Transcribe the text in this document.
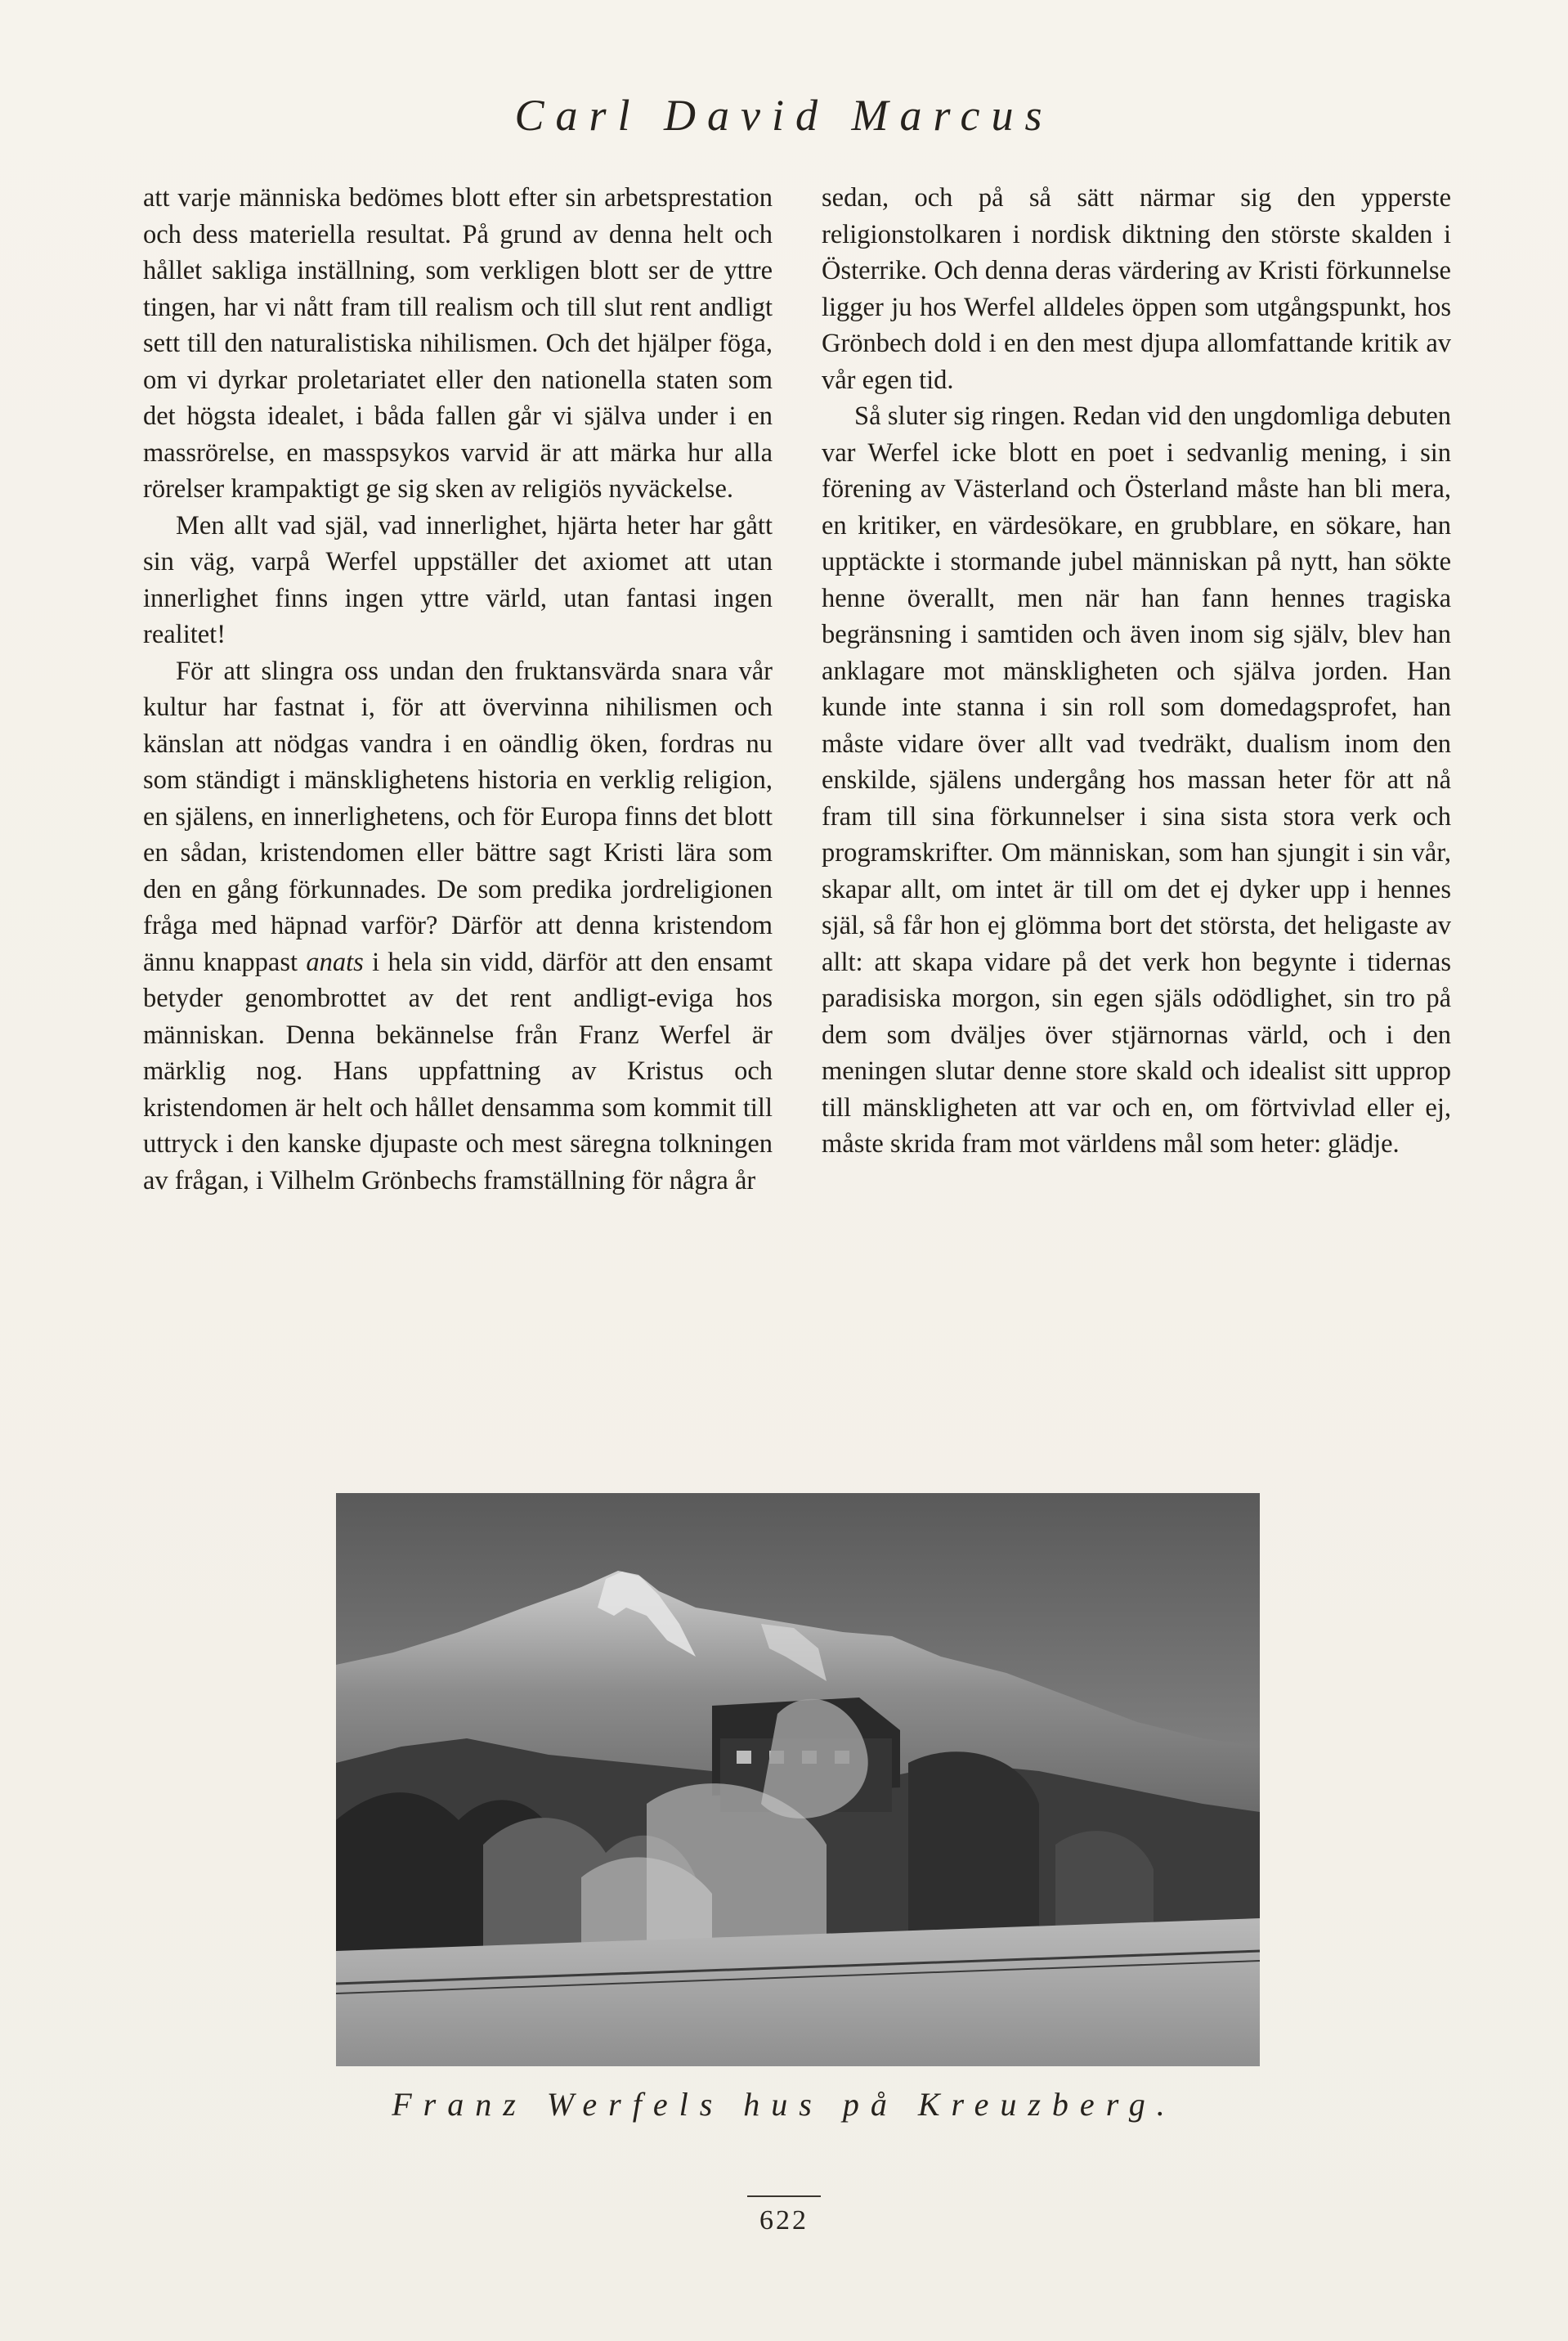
Carl David Marcus

att varje människa bedömes blott efter sin arbetsprestation och dess materiella resultat. På grund av denna helt och hållet sakliga inställning, som verkligen blott ser de yttre tingen, har vi nått fram till realism och till slut rent andligt sett till den naturalistiska nihilismen. Och det hjälper föga, om vi dyrkar proletariatet eller den nationella staten som det högsta idealet, i båda fallen går vi själva under i en massrörelse, en masspsykos varvid är att märka hur alla rörelser krampaktigt ge sig sken av religiös nyväckelse.

Men allt vad själ, vad innerlighet, hjärta heter har gått sin väg, varpå Werfel uppställer det axiomet att utan innerlighet finns ingen yttre värld, utan fantasi ingen realitet!

För att slingra oss undan den fruktansvärda snara vår kultur har fastnat i, för att övervinna nihilismen och känslan att nödgas vandra i en oändlig öken, fordras nu som ständigt i mänsklighetens historia en verklig religion, en själens, en innerlighetens, och för Europa finns det blott en sådan, kristendomen eller bättre sagt Kristi lära som den en gång förkunnades. De som predika jordreligionen fråga med häpnad varför? Därför att denna kristendom ännu knappast anats i hela sin vidd, därför att den ensamt betyder genombrottet av det rent andligt-eviga hos människan. Denna bekännelse från Franz Werfel är märklig nog. Hans uppfattning av Kristus och kristendomen är helt och hållet densamma som kommit till uttryck i den kanske djupaste och mest säregna tolkningen av frågan, i Vilhelm Grönbechs framställning för några år

sedan, och på så sätt närmar sig den ypperste religionstolkaren i nordisk diktning den störste skalden i Österrike. Och denna deras värdering av Kristi förkunnelse ligger ju hos Werfel alldeles öppen som utgångspunkt, hos Grönbech dold i en den mest djupa allomfattande kritik av vår egen tid.

Så sluter sig ringen. Redan vid den ungdomliga debuten var Werfel icke blott en poet i sedvanlig mening, i sin förening av Västerland och Österland måste han bli mera, en kritiker, en värdesökare, en grubblare, en sökare, han upptäckte i stormande jubel människan på nytt, han sökte henne överallt, men när han fann hennes tragiska begränsning i samtiden och även inom sig själv, blev han anklagare mot mänskligheten och själva jorden. Han kunde inte stanna i sin roll som domedagsprofet, han måste vidare över allt vad tvedräkt, dualism inom den enskilde, själens undergång hos massan heter för att nå fram till sina förkunnelser i sina sista stora verk och programskrifter. Om människan, som han sjungit i sin vår, skapar allt, om intet är till om det ej dyker upp i hennes själ, så får hon ej glömma bort det största, det heligaste av allt: att skapa vidare på det verk hon begynte i tidernas paradisiska morgon, sin egen själs odödlighet, sin tro på dem som dväljes över stjärnornas värld, och i den meningen slutar denne store skald och idealist sitt upprop till mänskligheten att var och en, om förtvivlad eller ej, måste skrida fram mot världens mål som heter: glädje.

Franz Werfels hus på Kreuzberg.
622
